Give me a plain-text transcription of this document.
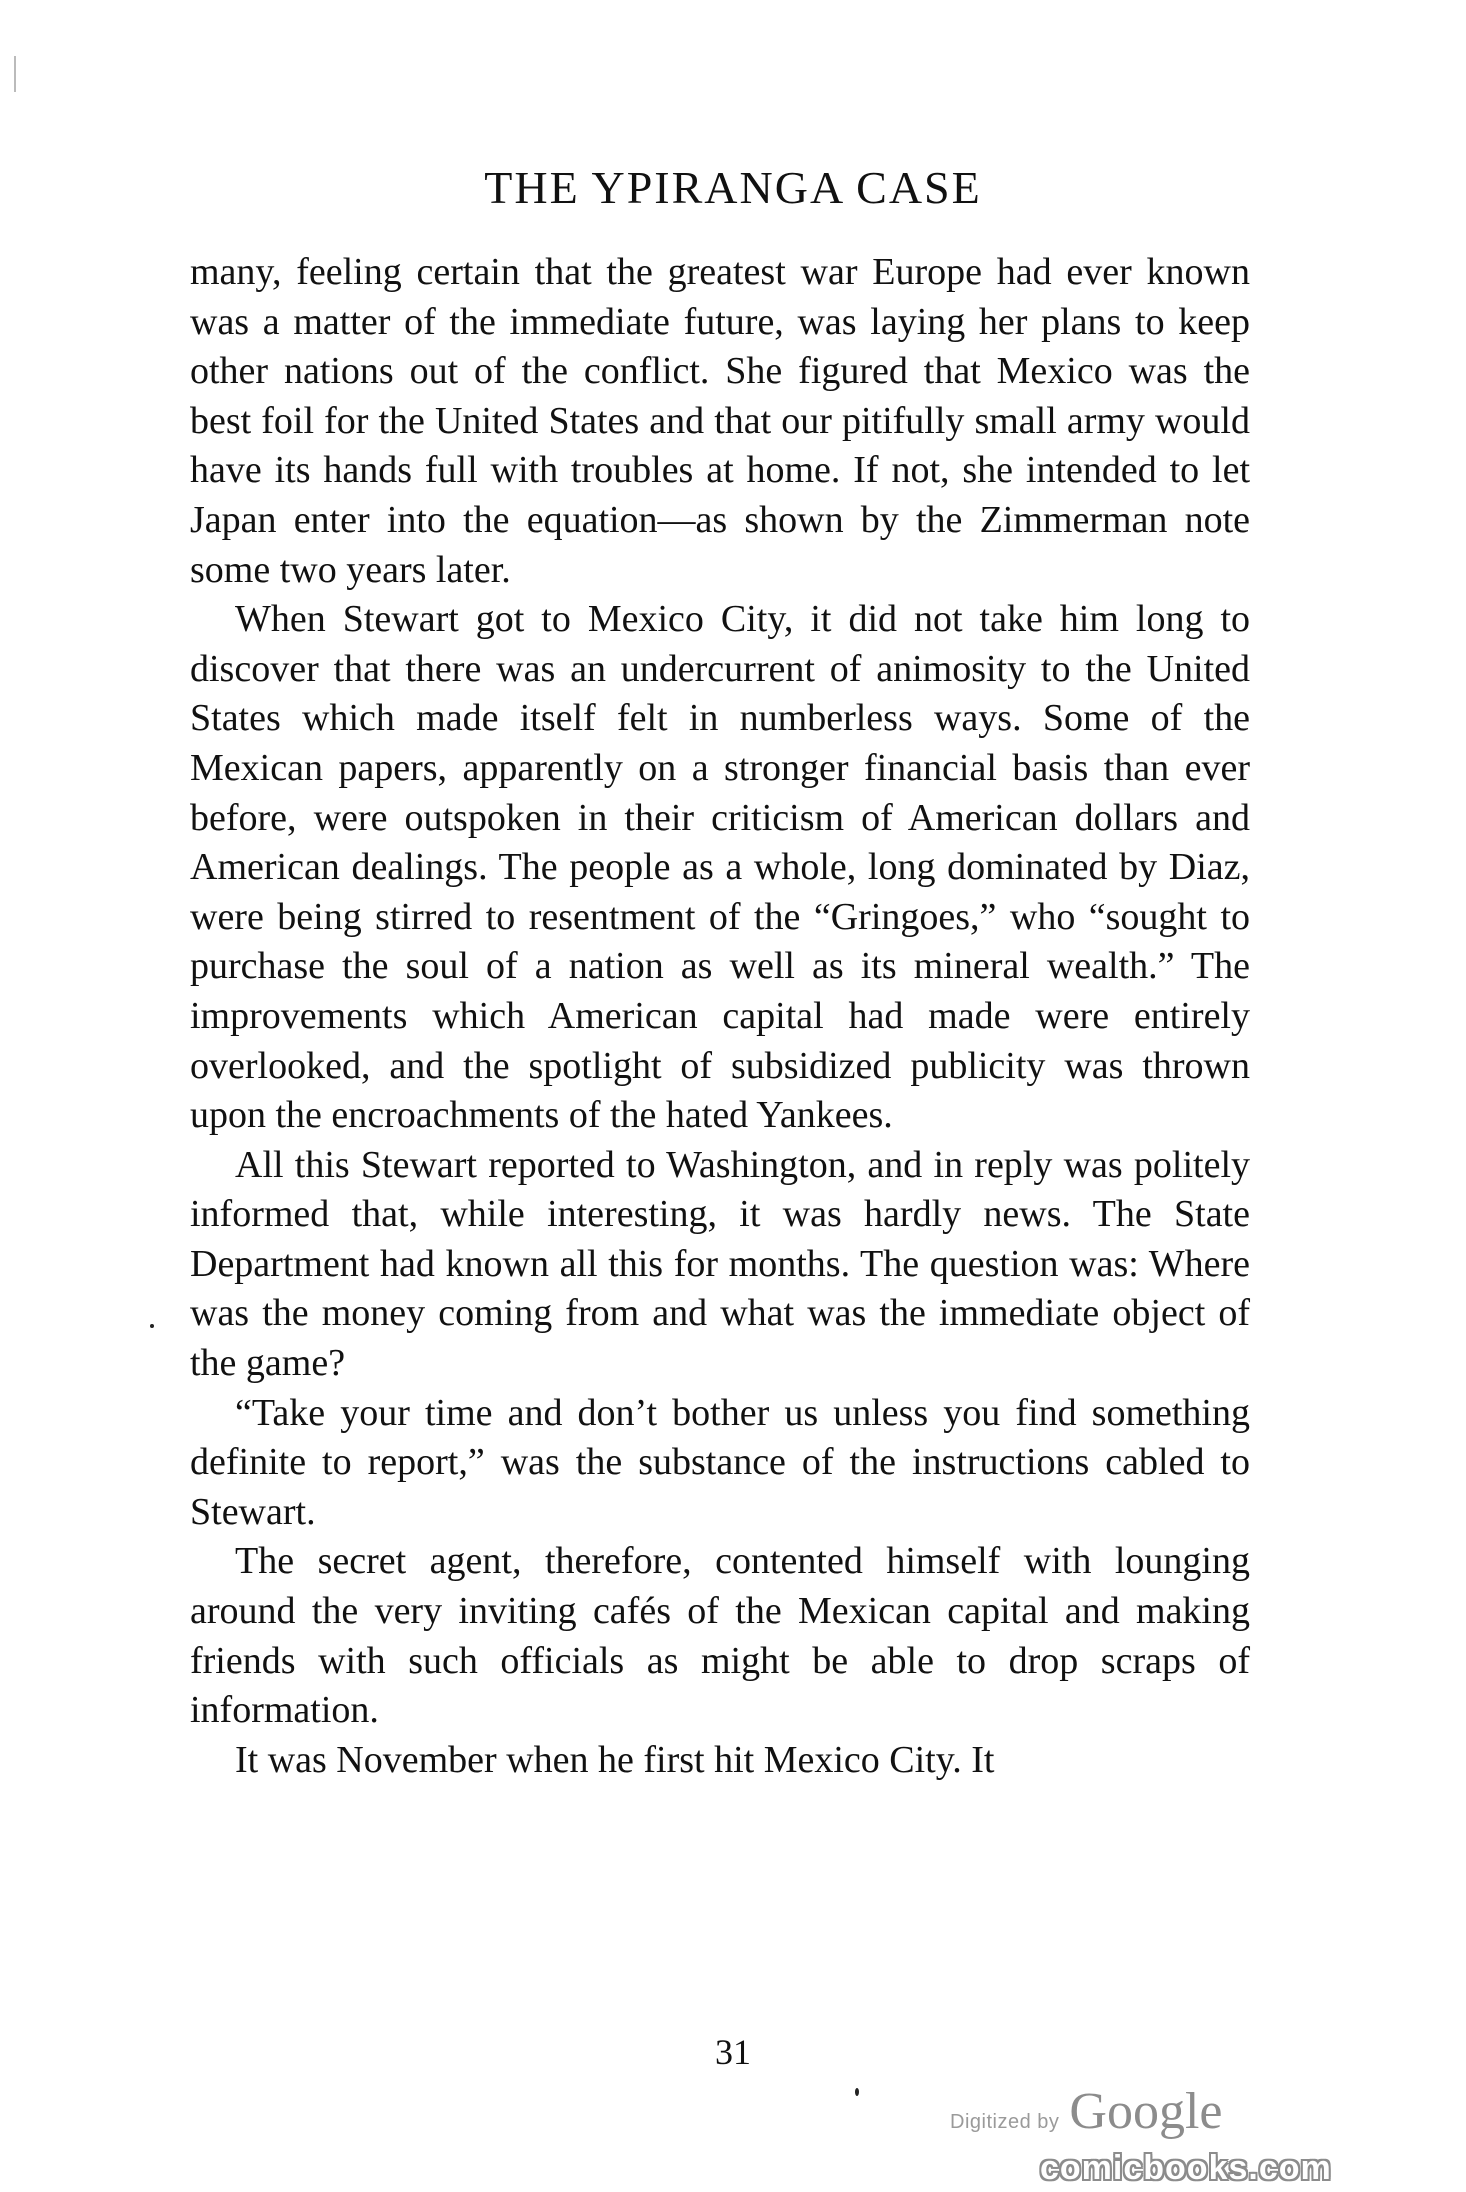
THE YPIRANGA CASE

many, feeling certain that the greatest war Europe had ever known was a matter of the immediate future, was laying her plans to keep other nations out of the conflict. She figured that Mexico was the best foil for the United States and that our pitifully small army would have its hands full with troubles at home. If not, she intended to let Japan enter into the equation—as shown by the Zimmerman note some two years later.

When Stewart got to Mexico City, it did not take him long to discover that there was an undercurrent of animosity to the United States which made itself felt in numberless ways. Some of the Mexican papers, apparently on a stronger financial basis than ever before, were outspoken in their criticism of American dollars and American dealings. The people as a whole, long dominated by Diaz, were being stirred to resentment of the “Gringoes,” who “sought to purchase the soul of a nation as well as its mineral wealth.” The improvements which American capital had made were entirely overlooked, and the spotlight of subsidized publicity was thrown upon the encroachments of the hated Yankees.

All this Stewart reported to Washington, and in reply was politely informed that, while interesting, it was hardly news. The State Department had known all this for months. The question was: Where was the money coming from and what was the immediate object of the game?

“Take your time and don’t bother us unless you find something definite to report,” was the substance of the instructions cabled to Stewart.

The secret agent, therefore, contented himself with lounging around the very inviting cafés of the Mexican capital and making friends with such officials as might be able to drop scraps of information.

It was November when he first hit Mexico City. It

31
Digitized by Google
comicbooks.com
